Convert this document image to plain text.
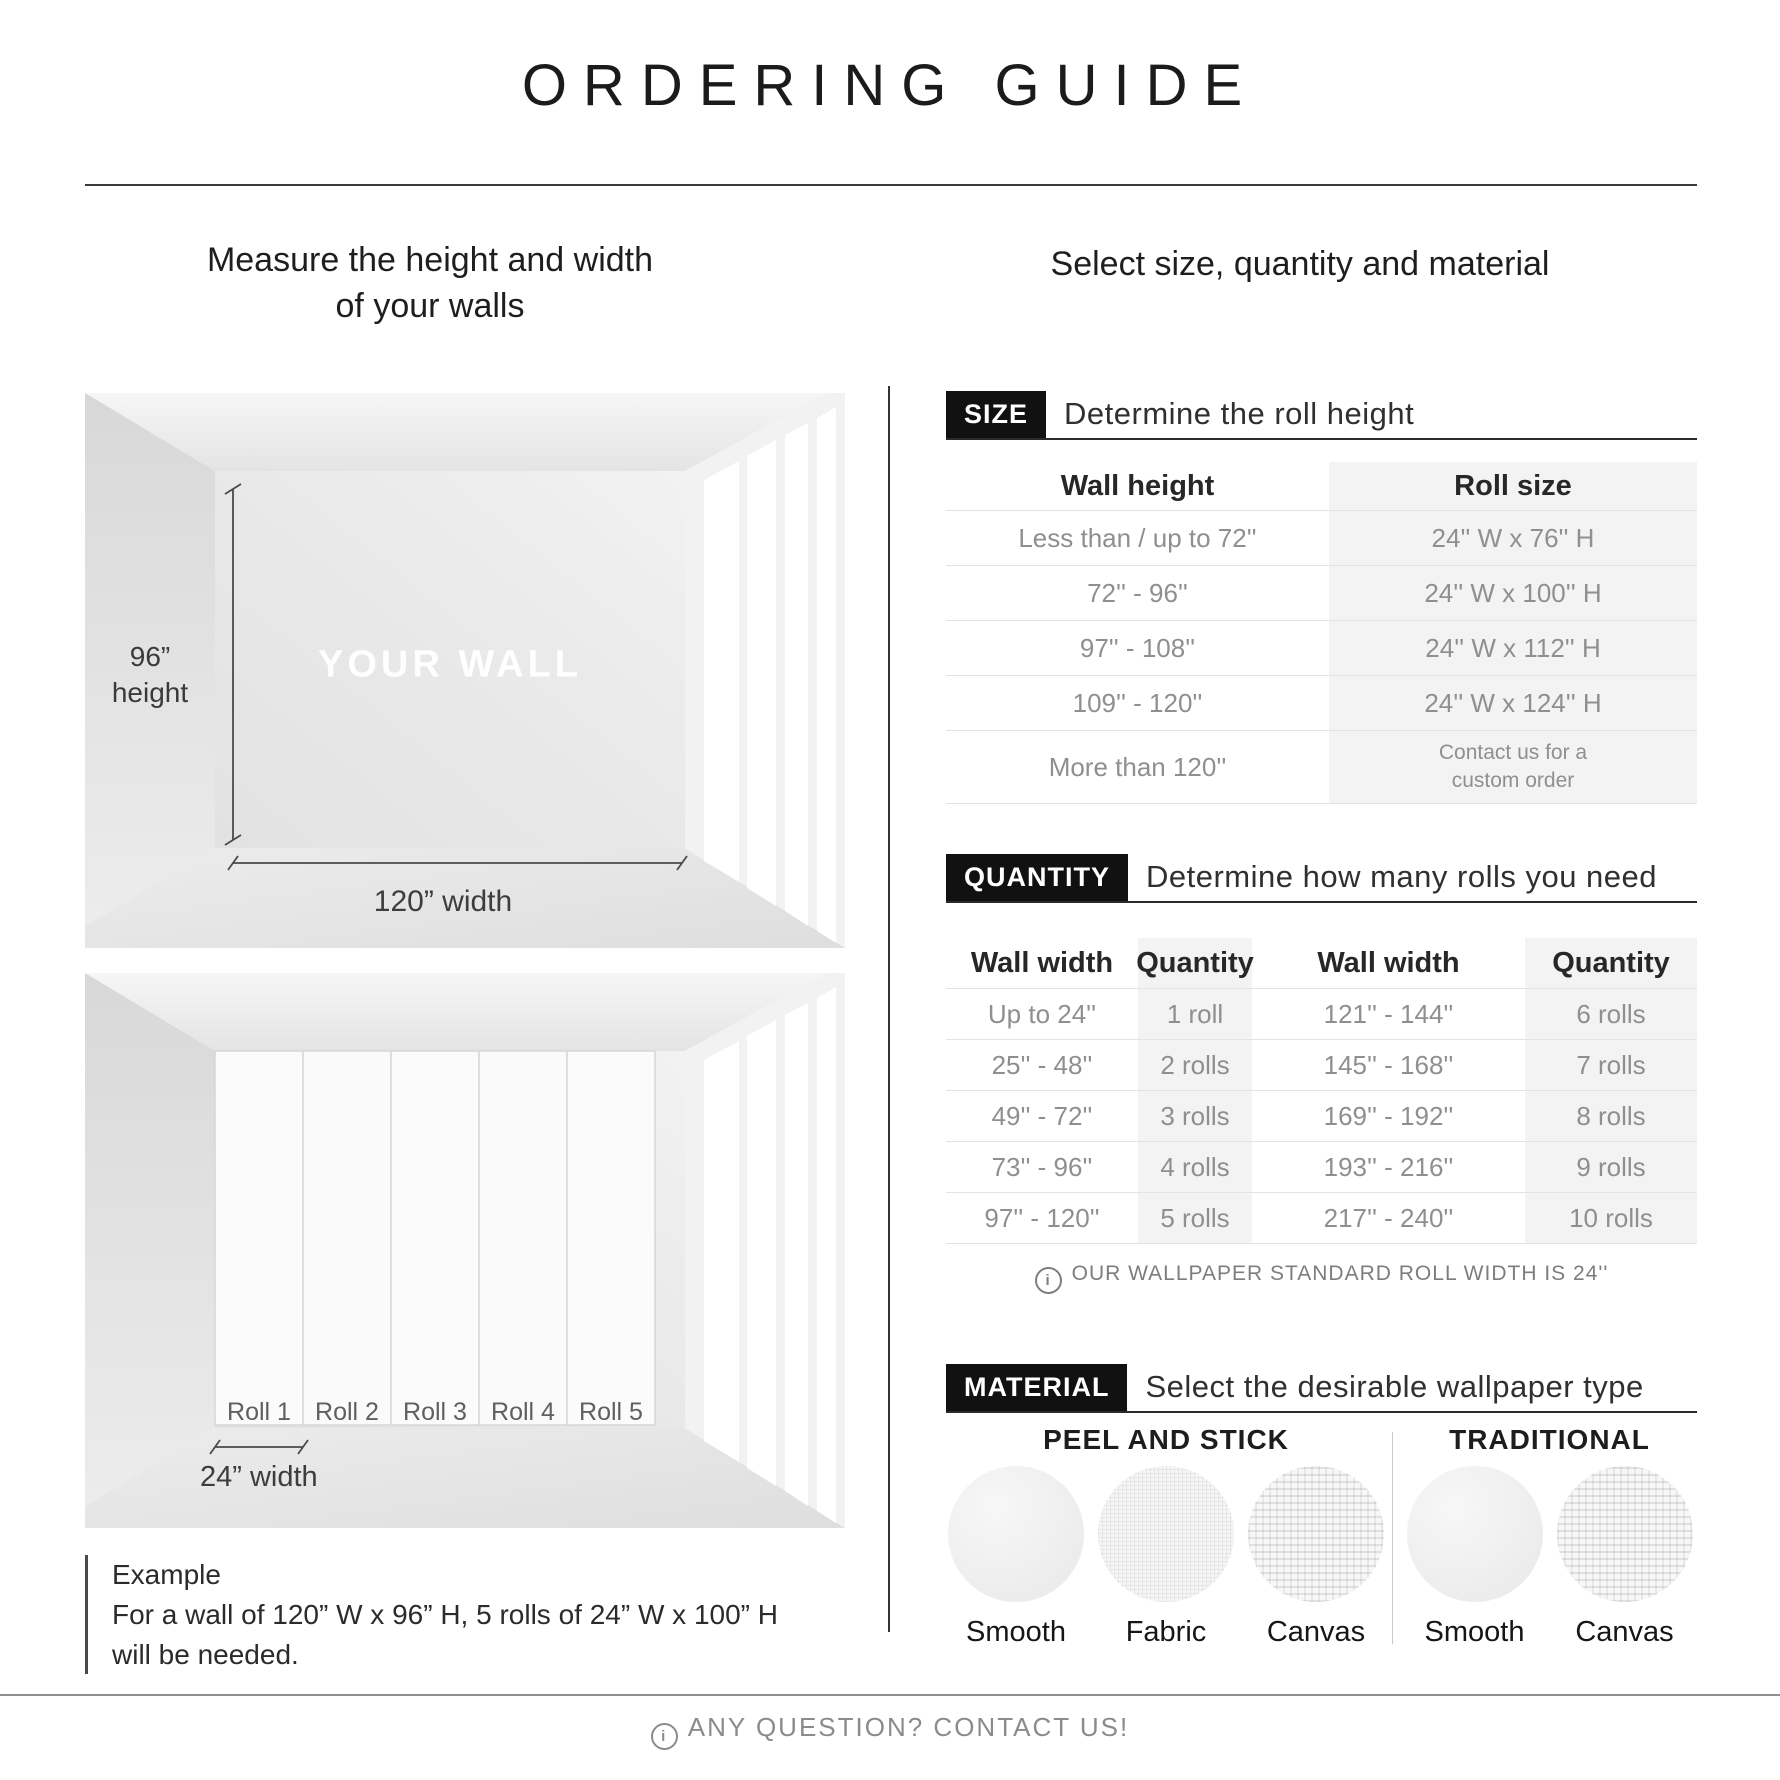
ORDERING GUIDE
Measure the height and width
of your walls
Select size, quantity and material
96”
height
YOUR WALL
120” width
Roll 1 Roll 2 Roll 3 Roll 4 Roll 5
24” width
Example
For a wall of 120” W x 96” H, 5 rolls of 24” W x 100” H
will be needed.
SIZE	Determine the roll height
Wall height	Roll size
Less than / up to 72''	24'' W x 76'' H
72'' - 96''	24'' W x 100'' H
97'' - 108''	24'' W x 112'' H
109'' - 120''	24'' W x 124'' H
More than 120''	Contact us for a
custom order
QUANTITY	Determine how many rolls you need
Wall width Quantity	Wall width	Quantity
Up to 24''	1 roll	121'' - 144''	6 rolls
25'' - 48''	2 rolls	145'' - 168''	7 rolls
49'' - 72''	3 rolls	169'' - 192''	8 rolls
73'' - 96''	4 rolls	193'' - 216''	9 rolls
97'' - 120''	5 rolls	217'' - 240''	10 rolls
i OUR WALLPAPER STANDARD ROLL WIDTH IS 24''
MATERIAL	Select the desirable wallpaper type
PEEL AND STICK
Smooth	Fabric	Canvas
TRADITIONAL
Smooth	Canvas
i ANY QUESTION? CONTACT US!
